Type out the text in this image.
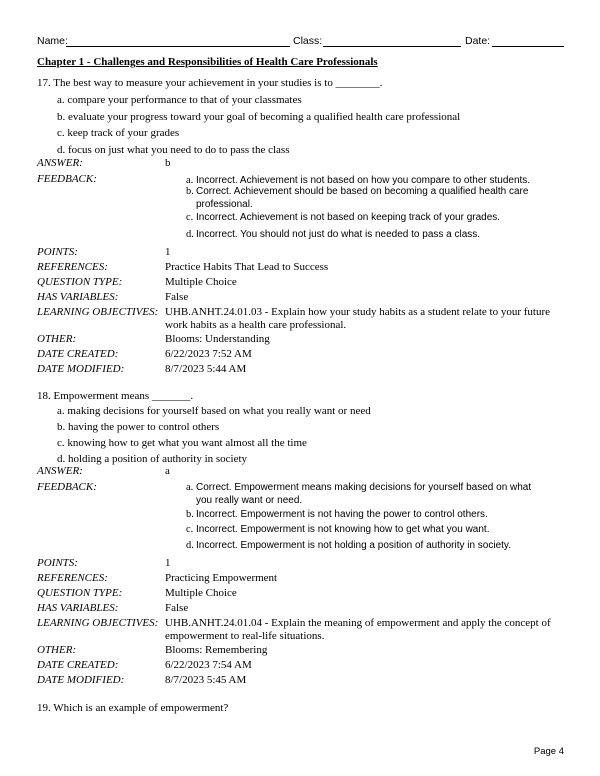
Name:	Class:	Date:
Chapter 1 - Challenges and Responsibilities of Health Care Professionals
17. The best way to measure your achievement in your studies is to ________.
a. compare your performance to that of your classmates
b. evaluate your progress toward your goal of becoming a qualified health care professional
c. keep track of your grades
d. focus on just what you need to do to pass the class
ANSWER:	b
FEEDBACK:	a. Incorrect. Achievement is not based on how you compare to other students.
b. Correct. Achievement should be based on becoming a qualified health care professional.
c. Incorrect. Achievement is not based on keeping track of your grades.
d. Incorrect. You should not just do what is needed to pass a class.
POINTS:	1
REFERENCES:	Practice Habits That Lead to Success
QUESTION TYPE:	Multiple Choice
HAS VARIABLES:	False
LEARNING OBJECTIVES: UHB.ANHT.24.01.03 - Explain how your study habits as a student relate to your future work habits as a health care professional.
OTHER:	Blooms: Understanding
DATE CREATED:	6/22/2023 7:52 AM
DATE MODIFIED:	8/7/2023 5:44 AM
18. Empowerment means _______.
a. making decisions for yourself based on what you really want or need
b. having the power to control others
c. knowing how to get what you want almost all the time
d. holding a position of authority in society
ANSWER:	a
FEEDBACK:	a. Correct. Empowerment means making decisions for yourself based on what you really want or need.
b. Incorrect. Empowerment is not having the power to control others.
c. Incorrect. Empowerment is not knowing how to get what you want.
d. Incorrect. Empowerment is not holding a position of authority in society.
POINTS:	1
REFERENCES:	Practicing Empowerment
QUESTION TYPE:	Multiple Choice
HAS VARIABLES:	False
LEARNING OBJECTIVES: UHB.ANHT.24.01.04 - Explain the meaning of empowerment and apply the concept of empowerment to real-life situations.
OTHER:	Blooms: Remembering
DATE CREATED:	6/22/2023 7:54 AM
DATE MODIFIED:	8/7/2023 5:45 AM
19. Which is an example of empowerment?
Page 4
